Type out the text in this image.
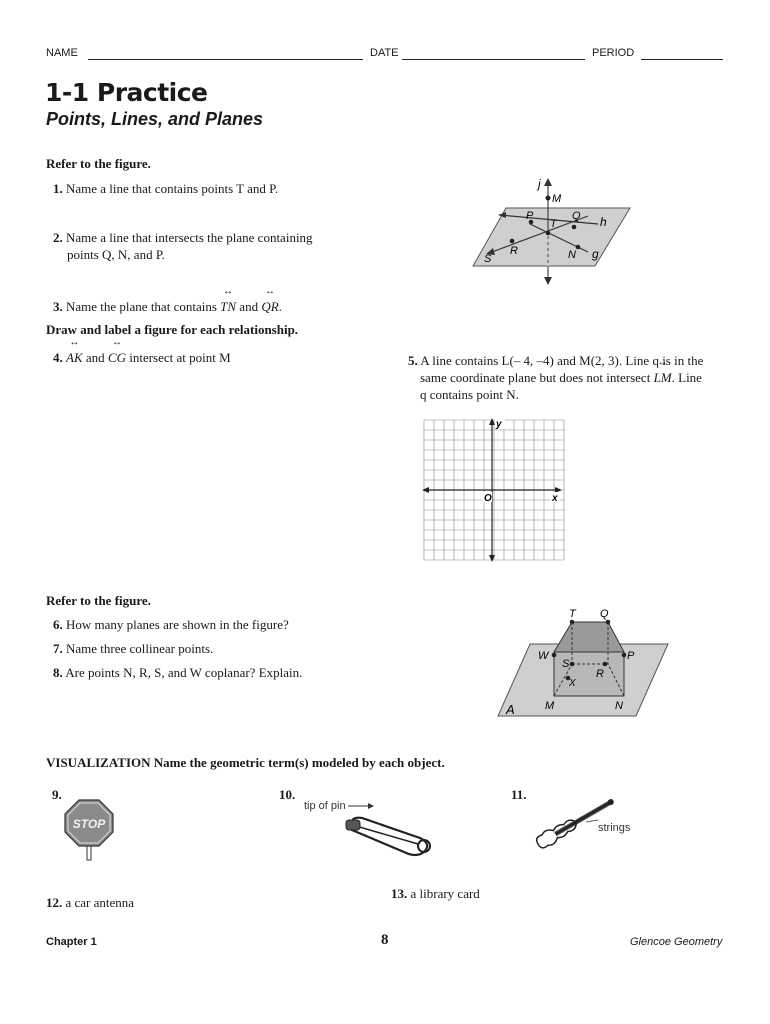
NAME	DATE	PERIOD
1-1 Practice
Points, Lines, and Planes
Refer to the figure.
1. Name a line that contains points T and P.
2. Name a line that intersects the plane containing
points Q, N, and P.
3. Name the plane that contains ↔ TN and ↔ QR.
j
M
P
T
Q h
S
R	N g
Draw and label a figure for each relationship.
4. ↔ AK and ↔ CG intersect at point M	5. A line contains L(– 4, –4) and M(2, 3). Line q is in the
same coordinate plane but does not intersect ↔ LM. Line
q contains point N.
O
y
x
Refer to the figure.
6. How many planes are shown in the figure?
7. Name three collinear points.
8. Are points N, R, S, and W coplanar? Explain.
T Q
W	P
S
R
X
A	M	N
VISUALIZATION Name the geometric term(s) modeled by each object.
9.
STOP
10.
tip of pin
11.
strings
12. a car antenna
13. a library card
Chapter 1	8	Glencoe Geometry
